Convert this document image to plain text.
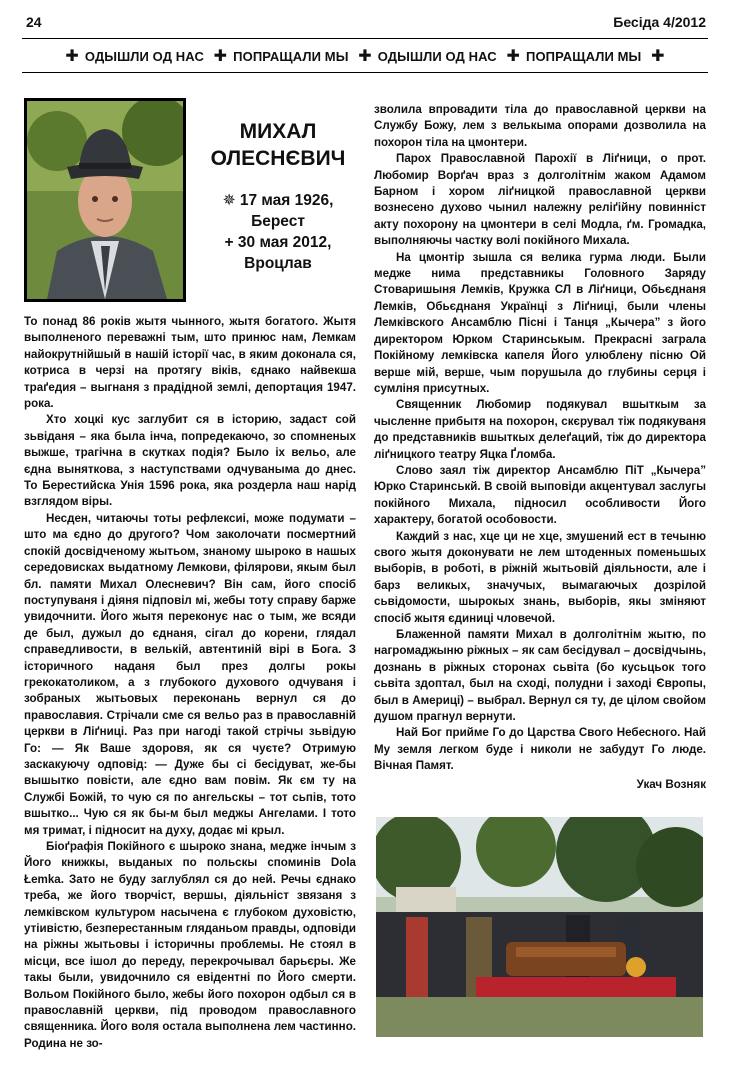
24	Бесіда 4/2012
✚ ОДЫШЛИ ОД НАС ✚ ПОПРАЩАЛИ МЫ ✚ ОДЫШЛИ ОД НАС ✚ ПОПРАЩАЛИ МЫ ✚
МИХАЛ
ОЛЕСНЄВИЧ
✵ 17 мая 1926,
Берест
+ 30 мая 2012,
Вроцлав

То понад 86 років жытя чынного, жытя богатого. Жытя выполненого переважні тым, што принюс нам, Лемкам найокрутнійшый в нашій історії час, в яким доконала ся, котриса в черзі на протягу віків, єднако найвекша траґедия – выгнаня з прадідной землі, депортация 1947. рока.

Хто хоцкі кус заглубит ся в історию, задаст сой зьвіданя – яка была інча, попредекаючо, зо спомненых выжше, трагічна в скутках подія? Было іх вельо, але єдна выняткова, з наступствами одчуваныма до днес. То Берестийска Унія 1596 рока, яка роздерла наш нарід взглядом віры.

Несден, читаючы тоты рефлексиі, може подумати – што ма єдно до другого? Чом заколочати посмертний спокій досвідченому жытьом, знаному шыроко в нашых середовисках выдатному Лемкови, філярови, якым был бл. памяти Михал Олесневич? Він сам, його спосіб поступуваня і діяня підповіл мі, жебы тоту справу барже увидочнити. Його жытя переконує нас о тым, же всяди де был, дужыл до єднаня, сігал до корени, глядал справедливости, в велькій, автентиній вірі в Бога. З історичного наданя был през долгы рокы грекокатоликом, а з глубокого духового одчуваня і зобраных жытьовых переконань вернул ся до православия. Стрічали сме ся вельо раз в православній церкви в Ліґниці. Раз при нагоді такой стрічы зьвідую Го: — Як Ваше здоровя, як ся чуєте? Отримую заскакуючу одповід: — Дуже бы сі бесідуват, же-бы вышытко повісти, але єдно вам повім. Як єм ту на Службі Божій, то чую ся по ангельскы – тот сьпів, тото вшытко... Чую ся як бы-м был меджы Ангелами. І тото мя тримат, і підносит на духу, додає мі крыл.

Біоґрафія Покійного є шыроко знана, медже інчым з Його книжкы, выданых по польскы споминів Dola Łemka. Зато не буду заглублял ся до ней. Речы єднако треба, же його творчіст, вершы, діяльніст звязаня з лемківском культуром насычена є глубоком духовістю, утіивістю, безперестанным гляданьом правды, одповіди на ріжны жытьовы і історичны проблемы. Не стоял в місци, все ішол до переду, перекрочывал барьєры. Же такы были, увидочнило ся евідентні по Його смерти. Вольом Покійного было, жебы його похорон одбыл ся в православній церкви, під проводом православного священника. Його воля остала выполнена лем частинно. Родина не зо-

зволила впровадити тіла до православной церкви на Службу Божу, лем з велькыма опорами дозволила на похорон тіла на цмонтери.

Парох Православной Парохії в Ліґници, о прот. Любомир Ворґач враз з долголітнім жаком Адамом Барном і хором ліґницкой православной церкви вознесено духово чынил належну реліґійну повинніст акту похорону на цмонтери в селі Модла, ґм. Громадка, выполняючы частку волі покійного Михала.

На цмонтір зышла ся велика гурма люди. Были медже нима представникы Головного Заряду Стоваришыня Лемків, Кружка СЛ в Ліґници, Обьєднаня Лемків, Обьєднаня Українці з Ліґниці, были члены Лемківского Ансамблю Пісні і Танця „Кычера” з його директором Юрком Старинськым. Прекрасні заграла Покійному лемківска капеля Його улюблену пісню Ой верше мій, верше, чым порушыла до глубины серця і сумліня присутных.

Священник Любомир подякувал вшыткым за чысленне прибытя на похорон, скєрувал тіж подякуваня до представників вшыткых делеґаций, тіж до директора ліґницкого театру Яцка Ґломба.

Слово заял тіж директор Ансамблю ПіТ „Кычера” Юрко Старинськй. В своій выповіди акцентувал заслугы покійного Михала, підносил особливости Його характеру, богатой особовости.

Каждий з нас, хце ци не хце, змушений ест в течыню свого жытя доконувати не лем штоденных поменьшых выборів, в роботі, в ріжній жытьовій діяльности, але і барз великых, значучых, вымагаючых дозрілой сьвідомости, шырокых знань, выборів, якы зміняют спосіб жытя єдиниці чловечой.

Блаженной памяти Михал в долголітнім жытю, по нагромаджыню ріжных – як сам бесідувал – досвідчынь, дознань в ріжных сторонах сьвіта (бо кусьцьок того сьвіта здоптал, был на сході, полудни і заході Європы, был в Америці) – выбрал. Вернул ся ту, де цілом свойом душом прагнул вернути.

Най Бог прийме Го до Царства Свого Небесного. Най Му земля легком буде і николи не забудут Го люде. Вічная Памят.

Укач Возняк
